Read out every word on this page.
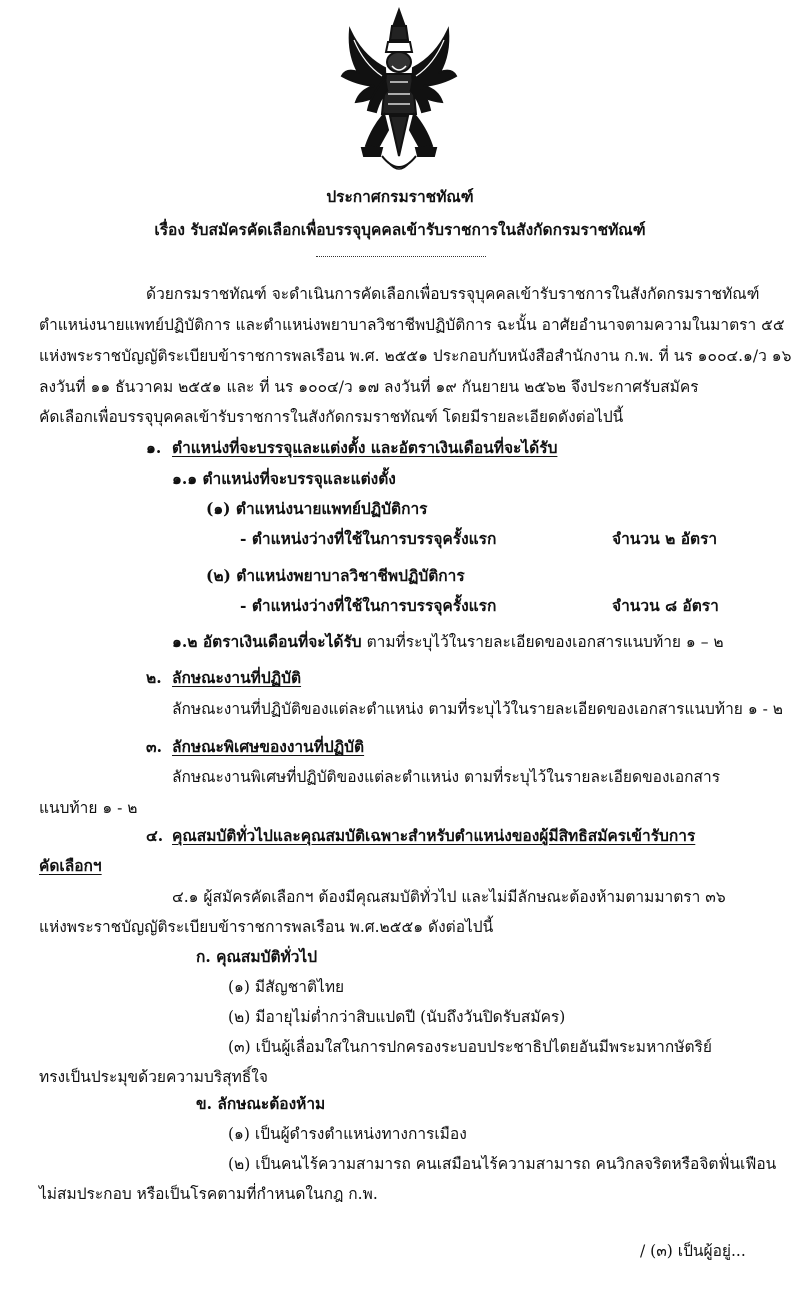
ประกาศกรมราชทัณฑ์
เรื่อง รับสมัครคัดเลือกเพื่อบรรจุบุคคลเข้ารับราชการในสังกัดกรมราชทัณฑ์
ด้วยกรมราชทัณฑ์ จะดำเนินการคัดเลือกเพื่อบรรจุบุคคลเข้ารับราชการในสังกัดกรมราชทัณฑ์
ตำแหน่งนายแพทย์ปฏิบัติการ และตำแหน่งพยาบาลวิชาชีพปฏิบัติการ ฉะนั้น อาศัยอำนาจตามความในมาตรา ๕๕
แห่งพระราชบัญญัติระเบียบข้าราชการพลเรือน พ.ศ. ๒๕๕๑ ประกอบกับหนังสือสำนักงาน ก.พ. ที่ นร ๑๐๐๔.๑/ว ๑๖
ลงวันที่ ๑๑ ธันวาคม ๒๕๕๑ และ ที่ นร ๑๐๐๔/ว ๑๗ ลงวันที่ ๑๙ กันยายน ๒๕๖๒ จึงประกาศรับสมัคร
คัดเลือกเพื่อบรรจุบุคคลเข้ารับราชการในสังกัดกรมราชทัณฑ์ โดยมีรายละเอียดดังต่อไปนี้
๑. ตำแหน่งที่จะบรรจุและแต่งตั้ง และอัตราเงินเดือนที่จะได้รับ
๑.๑ ตำแหน่งที่จะบรรจุและแต่งตั้ง
(๑) ตำแหน่งนายแพทย์ปฏิบัติการ
- ตำแหน่งว่างที่ใช้ในการบรรจุครั้งแรก	จำนวน ๒ อัตรา
(๒) ตำแหน่งพยาบาลวิชาชีพปฏิบัติการ
- ตำแหน่งว่างที่ใช้ในการบรรจุครั้งแรก	จำนวน ๘ อัตรา
๑.๒ อัตราเงินเดือนที่จะได้รับ ตามที่ระบุไว้ในรายละเอียดของเอกสารแนบท้าย ๑ – ๒
๒. ลักษณะงานที่ปฏิบัติ
ลักษณะงานที่ปฏิบัติของแต่ละตำแหน่ง ตามที่ระบุไว้ในรายละเอียดของเอกสารแนบท้าย ๑ - ๒
๓. ลักษณะพิเศษของงานที่ปฏิบัติ
ลักษณะงานพิเศษที่ปฏิบัติของแต่ละตำแหน่ง ตามที่ระบุไว้ในรายละเอียดของเอกสาร
แนบท้าย ๑ - ๒
๔. คุณสมบัติทั่วไปและคุณสมบัติเฉพาะสำหรับตำแหน่งของผู้มีสิทธิสมัครเข้ารับการ
คัดเลือกฯ
๔.๑ ผู้สมัครคัดเลือกฯ ต้องมีคุณสมบัติทั่วไป และไม่มีลักษณะต้องห้ามตามมาตรา ๓๖
แห่งพระราชบัญญัติระเบียบข้าราชการพลเรือน พ.ศ.๒๕๕๑ ดังต่อไปนี้
ก. คุณสมบัติทั่วไป
(๑) มีสัญชาติไทย
(๒) มีอายุไม่ต่ำกว่าสิบแปดปี (นับถึงวันปิดรับสมัคร)
(๓) เป็นผู้เลื่อมใสในการปกครองระบอบประชาธิปไตยอันมีพระมหากษัตริย์
ทรงเป็นประมุขด้วยความบริสุทธิ์ใจ
ข. ลักษณะต้องห้าม
(๑) เป็นผู้ดำรงตำแหน่งทางการเมือง
(๒) เป็นคนไร้ความสามารถ คนเสมือนไร้ความสามารถ คนวิกลจริตหรือจิตฟั่นเฟือน
ไม่สมประกอบ หรือเป็นโรคตามที่กำหนดในกฎ ก.พ.
/ (๓) เป็นผู้อยู่...
